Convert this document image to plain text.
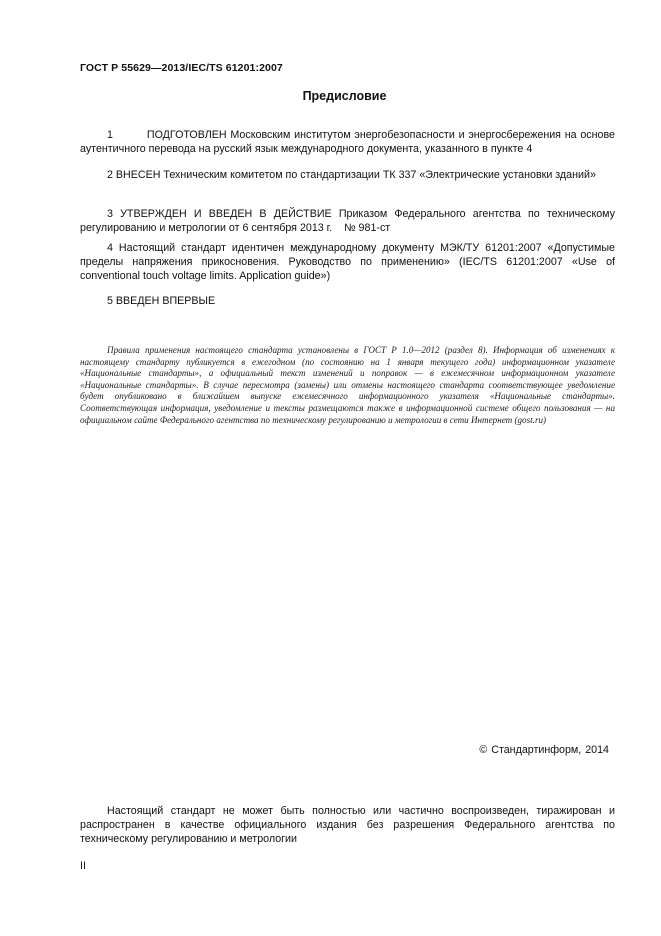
ГОСТ Р 55629—2013/IEC/TS 61201:2007
Предисловие
1         ПОДГОТОВЛЕН Московским институтом энергобезопасности и энергосбережения на основе аутентичного перевода на русский язык международного документа, указанного в пункте 4
2 ВНЕСЕН Техническим комитетом по стандартизации ТК 337 «Электрические установки зданий»
3 УТВЕРЖДЕН И ВВЕДЕН В ДЕЙСТВИЕ Приказом Федерального агентства по техническому регулированию и метрологии от 6 сентября 2013 г.    № 981-ст
4 Настоящий стандарт идентичен международному документу МЭК/ТУ 61201:2007 «Допустимые пределы напряжения прикосновения. Руководство по применению» (IEC/TS 61201:2007 «Use of conventional touch voltage limits. Application guide»)
5 ВВЕДЕН ВПЕРВЫЕ
Правила применения настоящего стандарта установлены в ГОСТ Р 1.0—2012 (раздел 8). Информация об изменениях к настоящему стандарту публикуется в ежегодном (по состоянию на 1 января текущего года) информационном указателе «Национальные стандарты», а официальный текст изменений и поправок — в ежемесячном информационном указателе «Национальные стандарты». В случае пересмотра (замены) или отмены настоящего стандарта соответствующее уведомление будет опубликовано в ближайшем выпуске ежемесячного информационного указателя «Национальные стандарты». Соответствующая информация, уведомление и тексты размещаются также в информационной системе общего пользования — на официальном сайте Федерального агентства по техническому регулированию и метрологии в сети Интернет (gost.ru)
© Стандартинформ, 2014
Настоящий стандарт не может быть полностью или частично воспроизведен, тиражирован и распространен в качестве официального издания без разрешения Федерального агентства по техническому регулированию и метрологии
II
